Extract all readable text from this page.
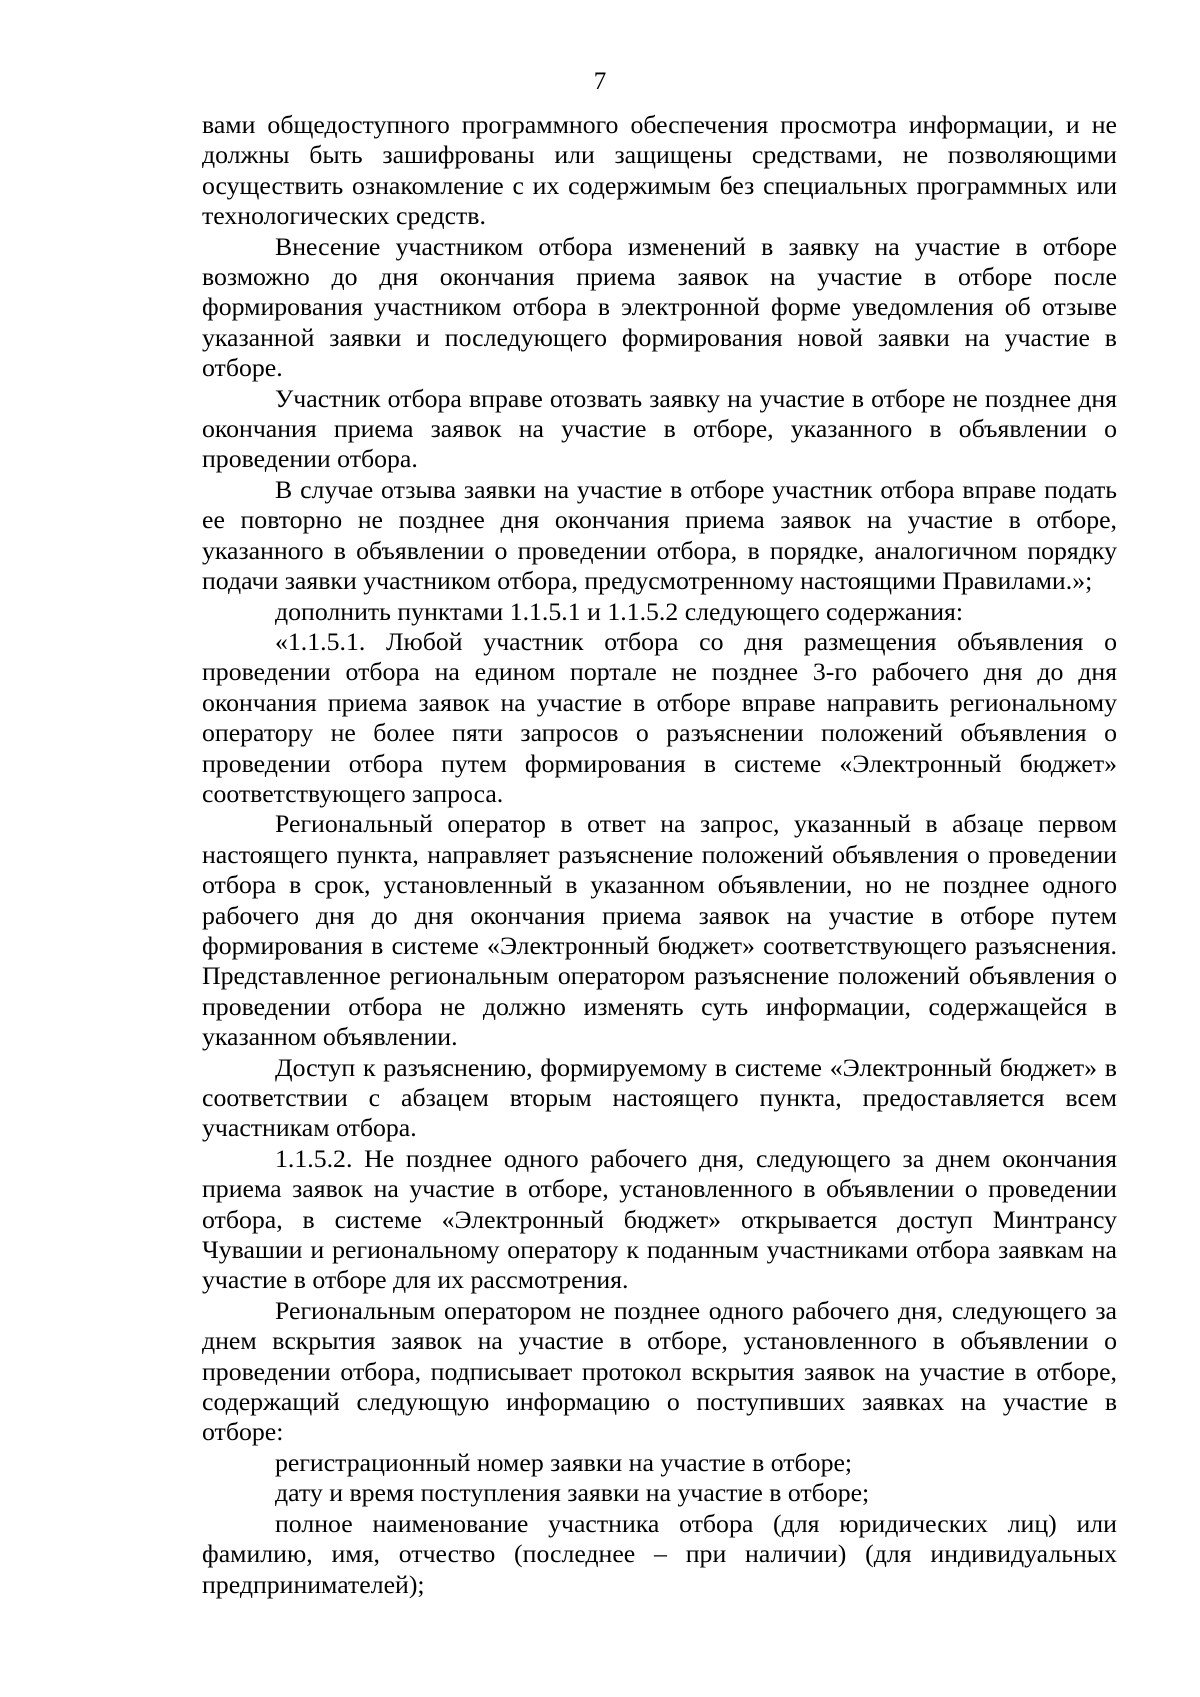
7

вами общедоступного программного обеспечения просмотра информации, и не должны быть зашифрованы или защищены средствами, не позволяющими осуществить ознакомление с их содержимым без специальных программных или технологических средств.

Внесение участником отбора изменений в заявку на участие в отборе возможно до дня окончания приема заявок на участие в отборе после формирования участником отбора в электронной форме уведомления об отзыве указанной заявки и последующего формирования новой заявки на участие в отборе.

Участник отбора вправе отозвать заявку на участие в отборе не позднее дня окончания приема заявок на участие в отборе, указанного в объявлении о проведении отбора.

В случае отзыва заявки на участие в отборе участник отбора вправе подать ее повторно не позднее дня окончания приема заявок на участие в отборе, указанного в объявлении о проведении отбора, в порядке, аналогичном порядку подачи заявки участником отбора, предусмотренному настоящими Правилами.»;

дополнить пунктами 1.1.5.1 и 1.1.5.2 следующего содержания:

«1.1.5.1. Любой участник отбора со дня размещения объявления о проведении отбора на едином портале не позднее 3-го рабочего дня до дня окончания приема заявок на участие в отборе вправе направить региональному оператору не более пяти запросов о разъяснении положений объявления о проведении отбора путем формирования в системе «Электронный бюджет» соответствующего запроса.

Региональный оператор в ответ на запрос, указанный в абзаце первом настоящего пункта, направляет разъяснение положений объявления о проведении отбора в срок, установленный в указанном объявлении, но не позднее одного рабочего дня до дня окончания приема заявок на участие в отборе путем формирования в системе «Электронный бюджет» соответствующего разъяснения. Представленное региональным оператором разъяснение положений объявления о проведении отбора не должно изменять суть информации, содержащейся в указанном объявлении.

Доступ к разъяснению, формируемому в системе «Электронный бюджет» в соответствии с абзацем вторым настоящего пункта, предоставляется всем участникам отбора.

1.1.5.2. Не позднее одного рабочего дня, следующего за днем окончания приема заявок на участие в отборе, установленного в объявлении о проведении отбора, в системе «Электронный бюджет» открывается доступ Минтрансу Чувашии и региональному оператору к поданным участниками отбора заявкам на участие в отборе для их рассмотрения.

Региональным оператором не позднее одного рабочего дня, следующего за днем вскрытия заявок на участие в отборе, установленного в объявлении о проведении отбора, подписывает протокол вскрытия заявок на участие в отборе, содержащий следующую информацию о поступивших заявках на участие в отборе:

регистрационный номер заявки на участие в отборе;

дату и время поступления заявки на участие в отборе;

полное наименование участника отбора (для юридических лиц) или фамилию, имя, отчество (последнее – при наличии) (для индивидуальных предпринимателей);
